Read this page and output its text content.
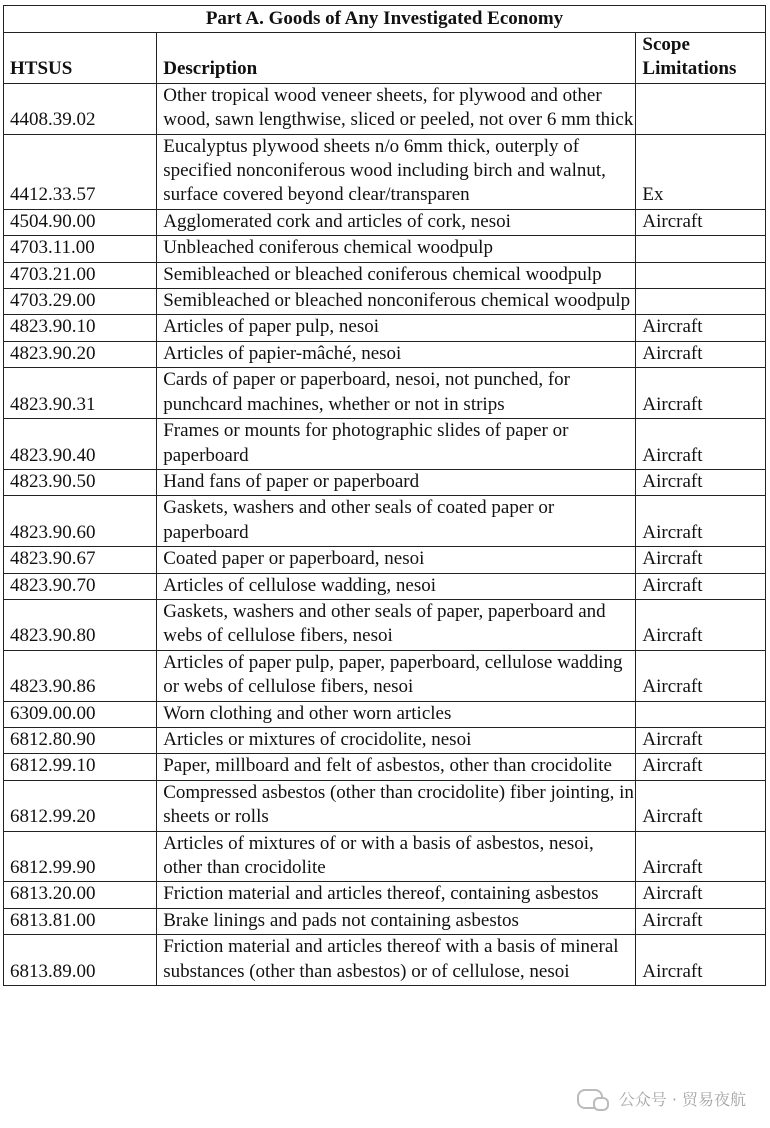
Part A. Goods of Any Investigated Economy		
HTSUS	Description	Scope Limitations
4408.39.02	Other tropical wood veneer sheets, for plywood and other wood, sawn lengthwise, sliced or peeled, not over 6 mm thick	
4412.33.57	Eucalyptus plywood sheets n/o 6mm thick, outerply of specified nonconiferous wood including birch and walnut, surface covered beyond clear/transparen	Ex
4504.90.00	Agglomerated cork and articles of cork, nesoi	Aircraft
4703.11.00	Unbleached coniferous chemical woodpulp	
4703.21.00	Semibleached or bleached coniferous chemical woodpulp	
4703.29.00	Semibleached or bleached nonconiferous chemical woodpulp	
4823.90.10	Articles of paper pulp, nesoi	Aircraft
4823.90.20	Articles of papier-mâché, nesoi	Aircraft
4823.90.31	Cards of paper or paperboard, nesoi, not punched, for punchcard machines, whether or not in strips	Aircraft
4823.90.40	Frames or mounts for photographic slides of paper or paperboard	Aircraft
4823.90.50	Hand fans of paper or paperboard	Aircraft
4823.90.60	Gaskets, washers and other seals of coated paper or paperboard	Aircraft
4823.90.67	Coated paper or paperboard, nesoi	Aircraft
4823.90.70	Articles of cellulose wadding, nesoi	Aircraft
4823.90.80	Gaskets, washers and other seals of paper, paperboard and webs of cellulose fibers, nesoi	Aircraft
4823.90.86	Articles of paper pulp, paper, paperboard, cellulose wadding or webs of cellulose fibers, nesoi	Aircraft
6309.00.00	Worn clothing and other worn articles	
6812.80.90	Articles or mixtures of crocidolite, nesoi	Aircraft
6812.99.10	Paper, millboard and felt of asbestos, other than crocidolite	Aircraft
6812.99.20	Compressed asbestos (other than crocidolite) fiber jointing, in sheets or rolls	Aircraft
6812.99.90	Articles of mixtures of or with a basis of asbestos, nesoi, other than crocidolite	Aircraft
6813.20.00	Friction material and articles thereof, containing asbestos	Aircraft
6813.81.00	Brake linings and pads not containing asbestos	Aircraft
6813.89.00	Friction material and articles thereof with a basis of mineral substances (other than asbestos) or of cellulose, nesoi	Aircraft
公众号 · 贸易夜航
